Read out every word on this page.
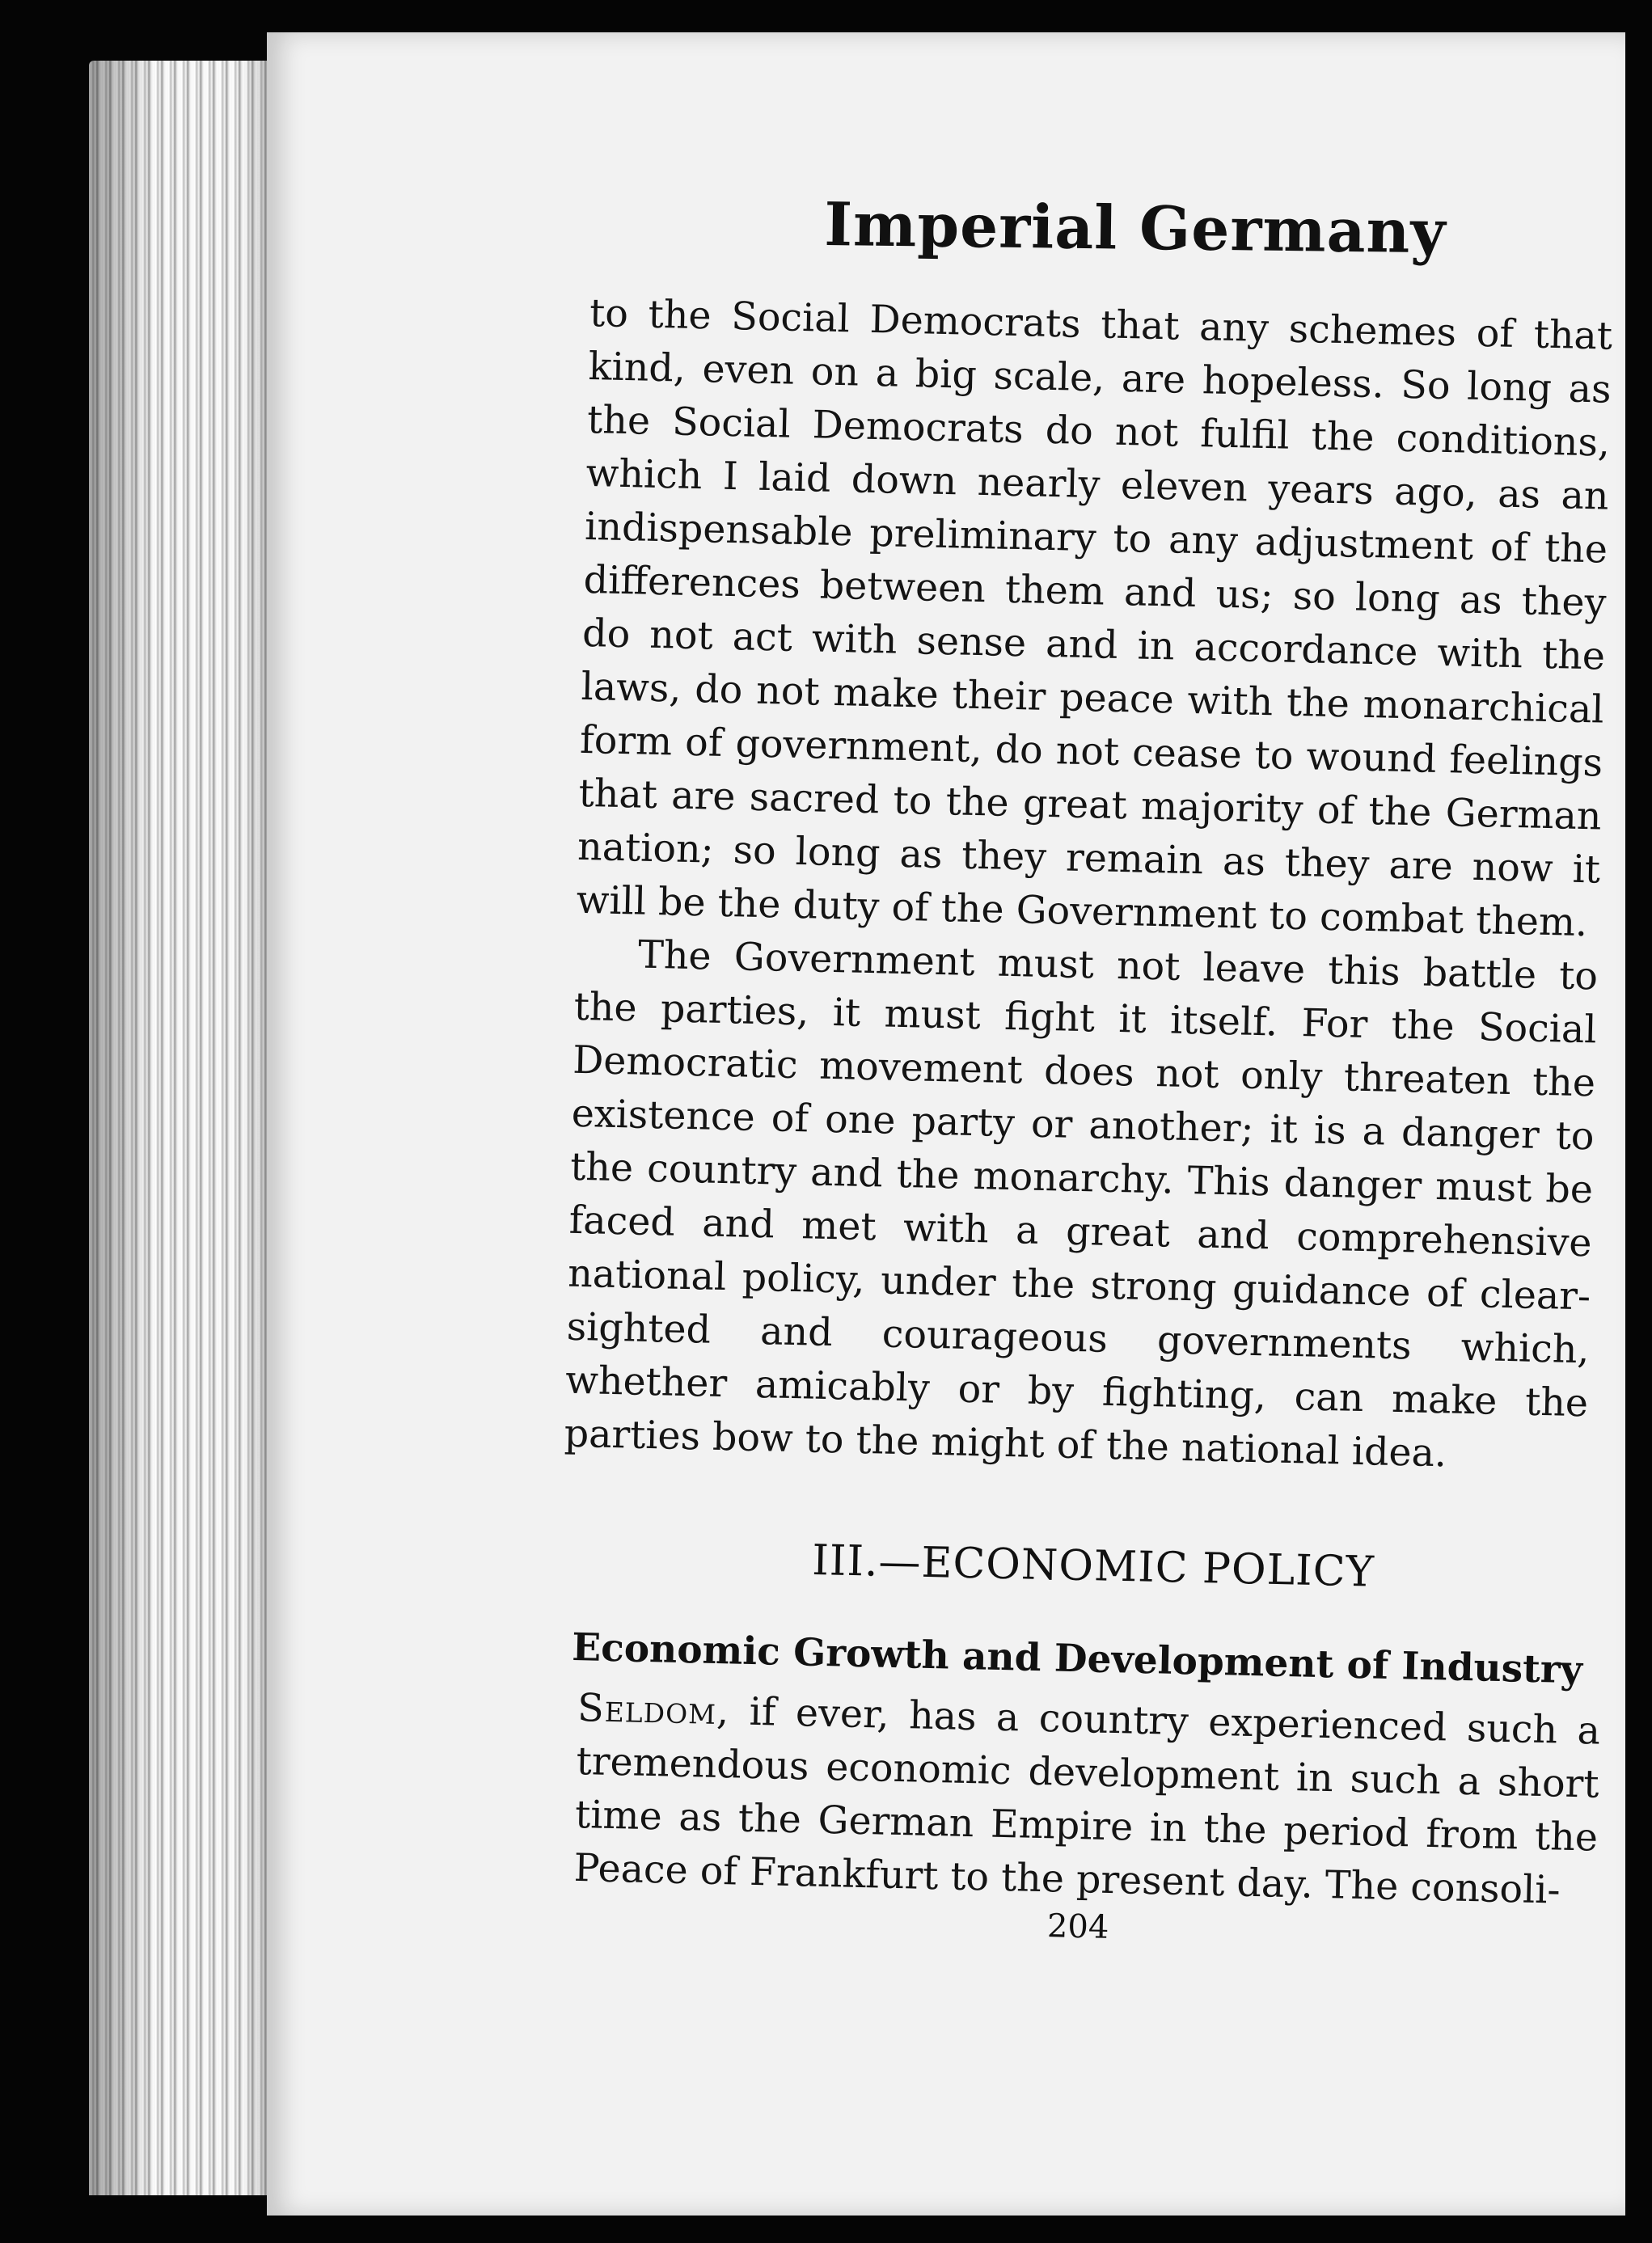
Imperial Germany

to the Social Democrats that any schemes of that kind, even on a big scale, are hopeless. So long as the Social Democrats do not fulfil the conditions, which I laid down nearly eleven years ago, as an indispensable preliminary to any adjustment of the differences between them and us; so long as they do not act with sense and in accordance with the laws, do not make their peace with the monarchical form of government, do not cease to wound feelings that are sacred to the great majority of the German nation; so long as they remain as they are now it will be the duty of the Government to combat them.

The Government must not leave this battle to the parties, it must fight it itself. For the Social Democratic movement does not only threaten the existence of one party or another; it is a danger to the country and the monarchy. This danger must be faced and met with a great and comprehensive national policy, under the strong guidance of clear-sighted and courageous governments which, whether amicably or by fighting, can make the parties bow to the might of the national idea.

III.—ECONOMIC POLICY
Economic Growth and Development of Industry

Seldom, if ever, has a country experienced such a tremendous economic development in such a short time as the German Empire in the period from the Peace of Frankfurt to the present day. The consoli-

204
